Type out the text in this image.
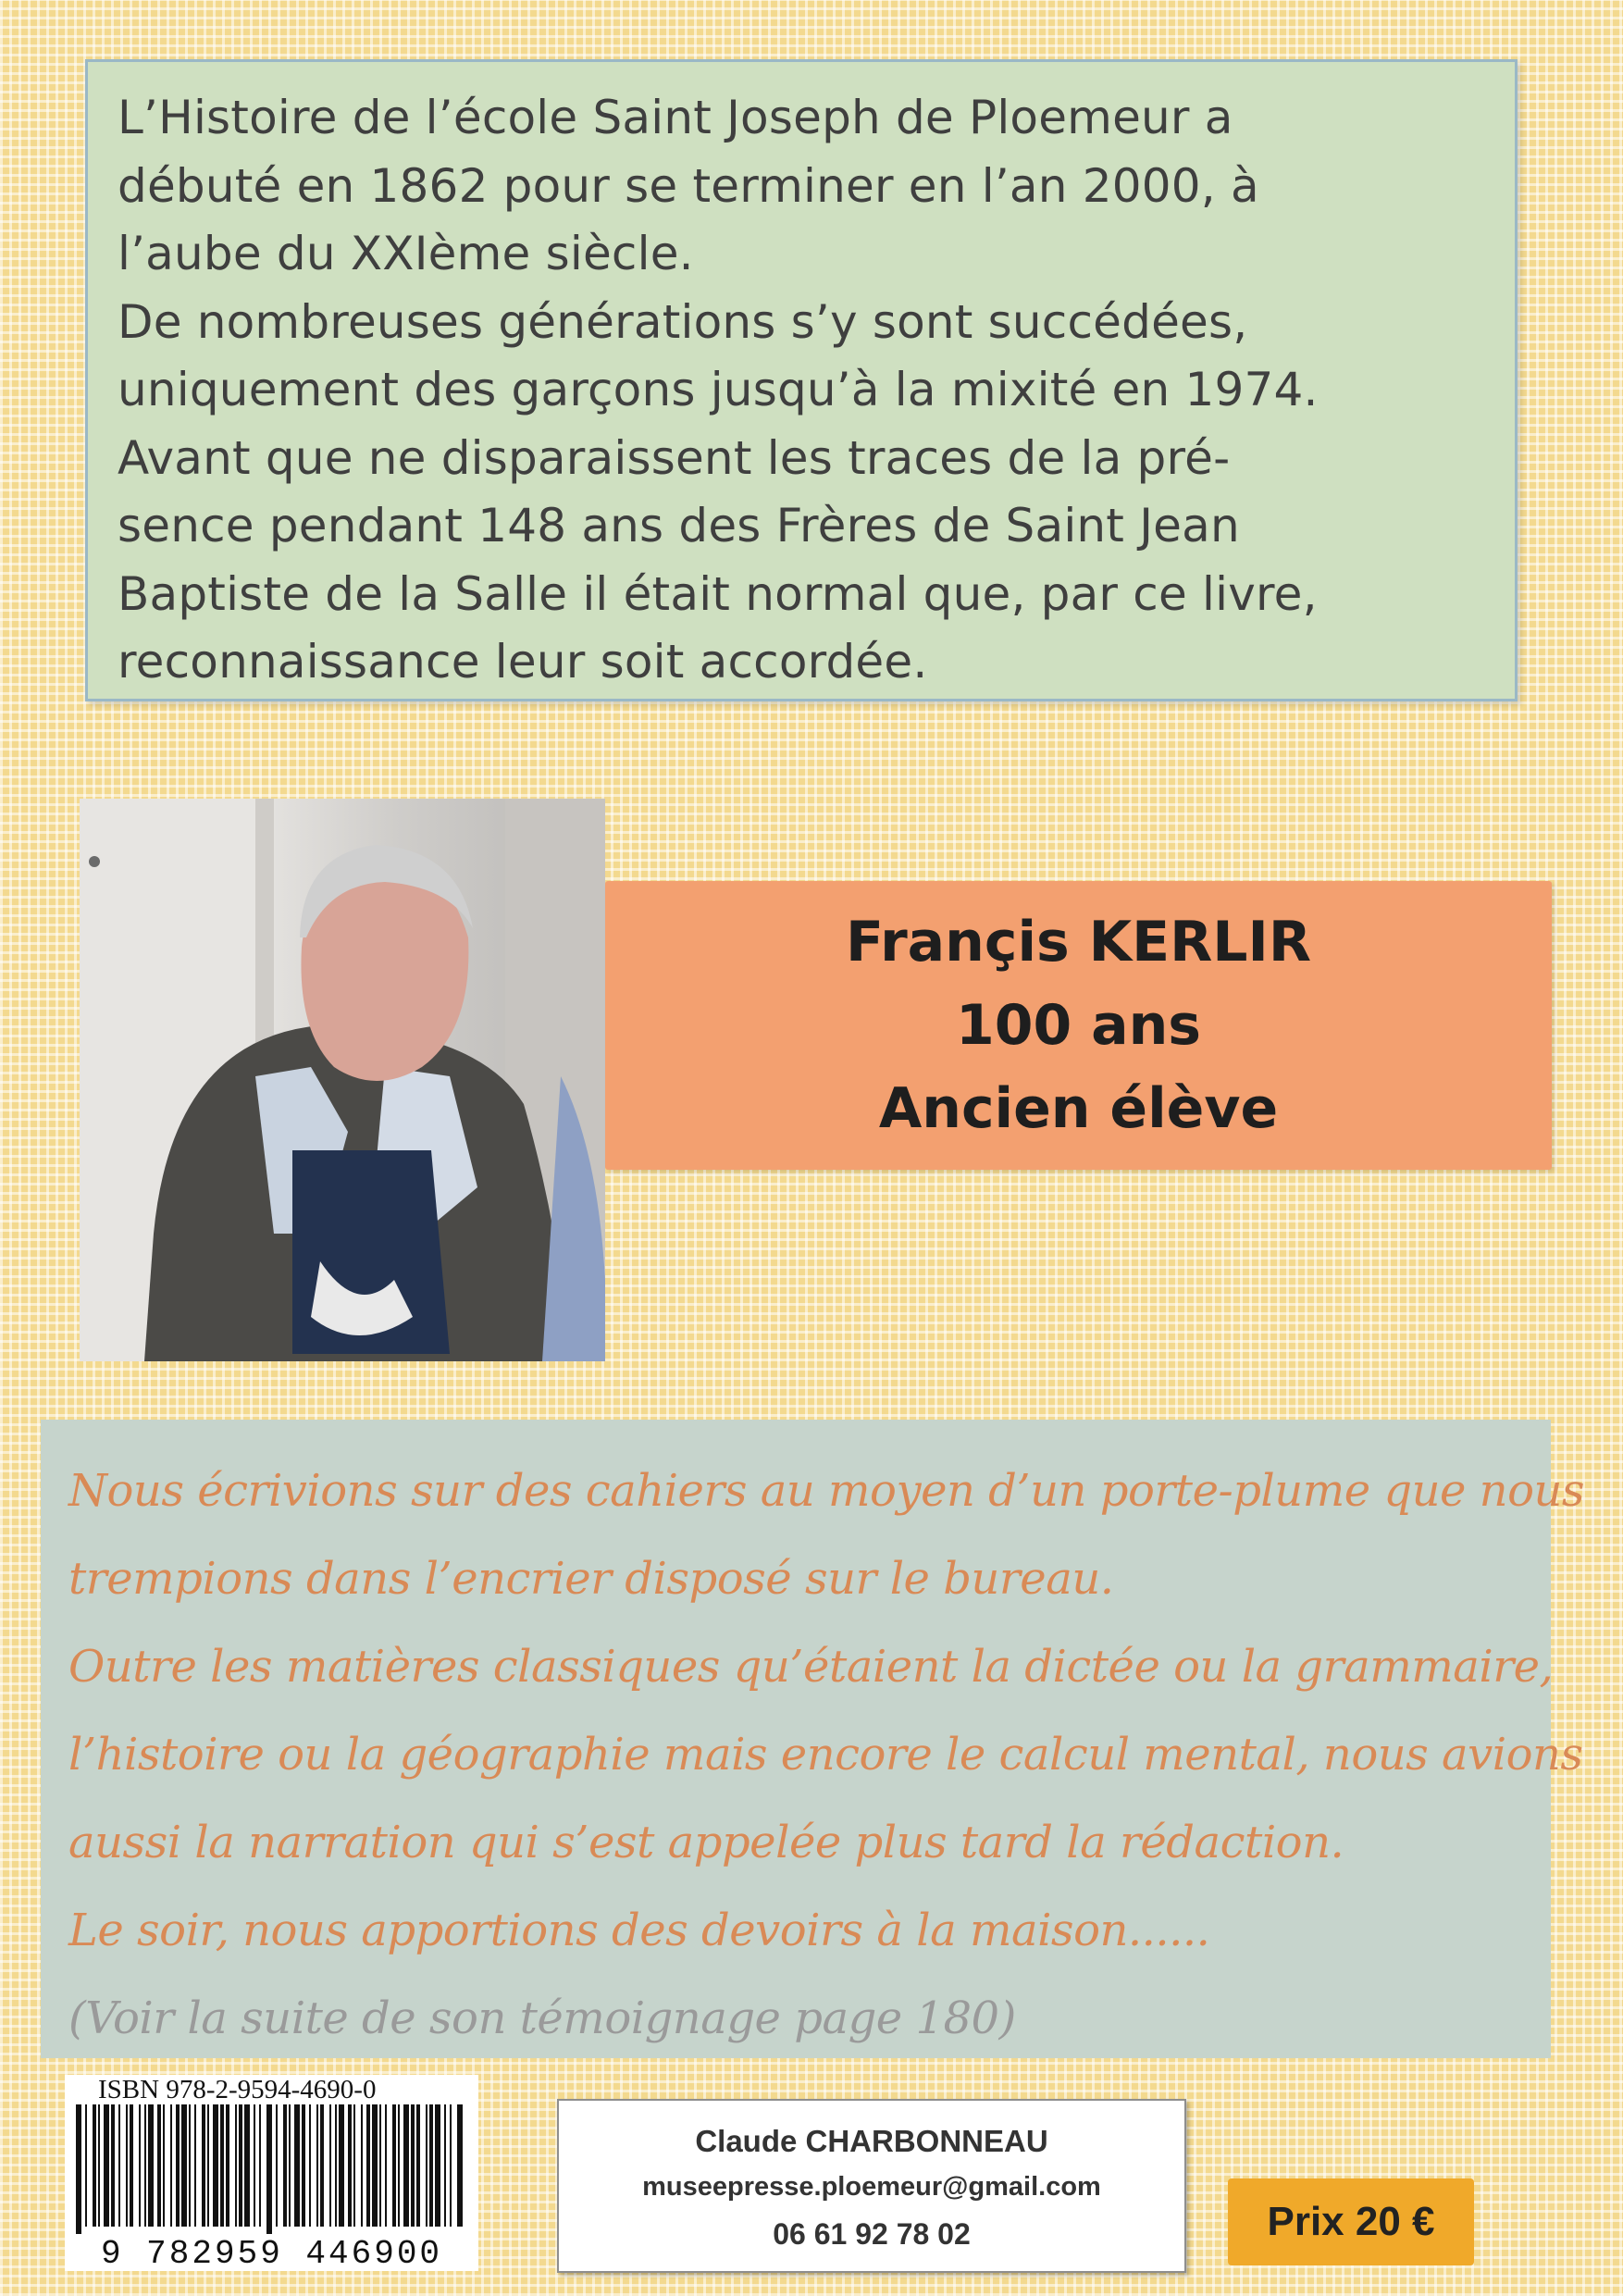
L’Histoire de l’école Saint Joseph de Ploemeur a

débuté en 1862 pour se terminer en l’an 2000, à

l’aube du XXIème siècle.

De nombreuses générations s’y sont succédées,

uniquement des garçons jusqu’à la mixité en 1974.

Avant que ne disparaissent les traces de la pré-

sence pendant 148 ans des Frères de Saint Jean

Baptiste de la Salle il était normal que, par ce livre,

reconnaissance leur soit accordée.

Françis KERLIR
100 ans
Ancien élève

Nous écrivions sur des cahiers au moyen d’un porte-plume que nous

trempions dans l’encrier disposé sur le bureau.

Outre les matières classiques qu’étaient la dictée ou la grammaire,

l’histoire ou la géographie mais encore le calcul mental, nous avions

aussi la narration qui s’est appelée plus tard la rédaction.

Le soir, nous apportions des devoirs à la maison......

(Voir la suite de son témoignage page 180)

ISBN 978-2-9594-4690-0
9 782959 446900
Claude CHARBONNEAU
museepresse.ploemeur@gmail.com
06 61 92 78 02	Prix 20 €
